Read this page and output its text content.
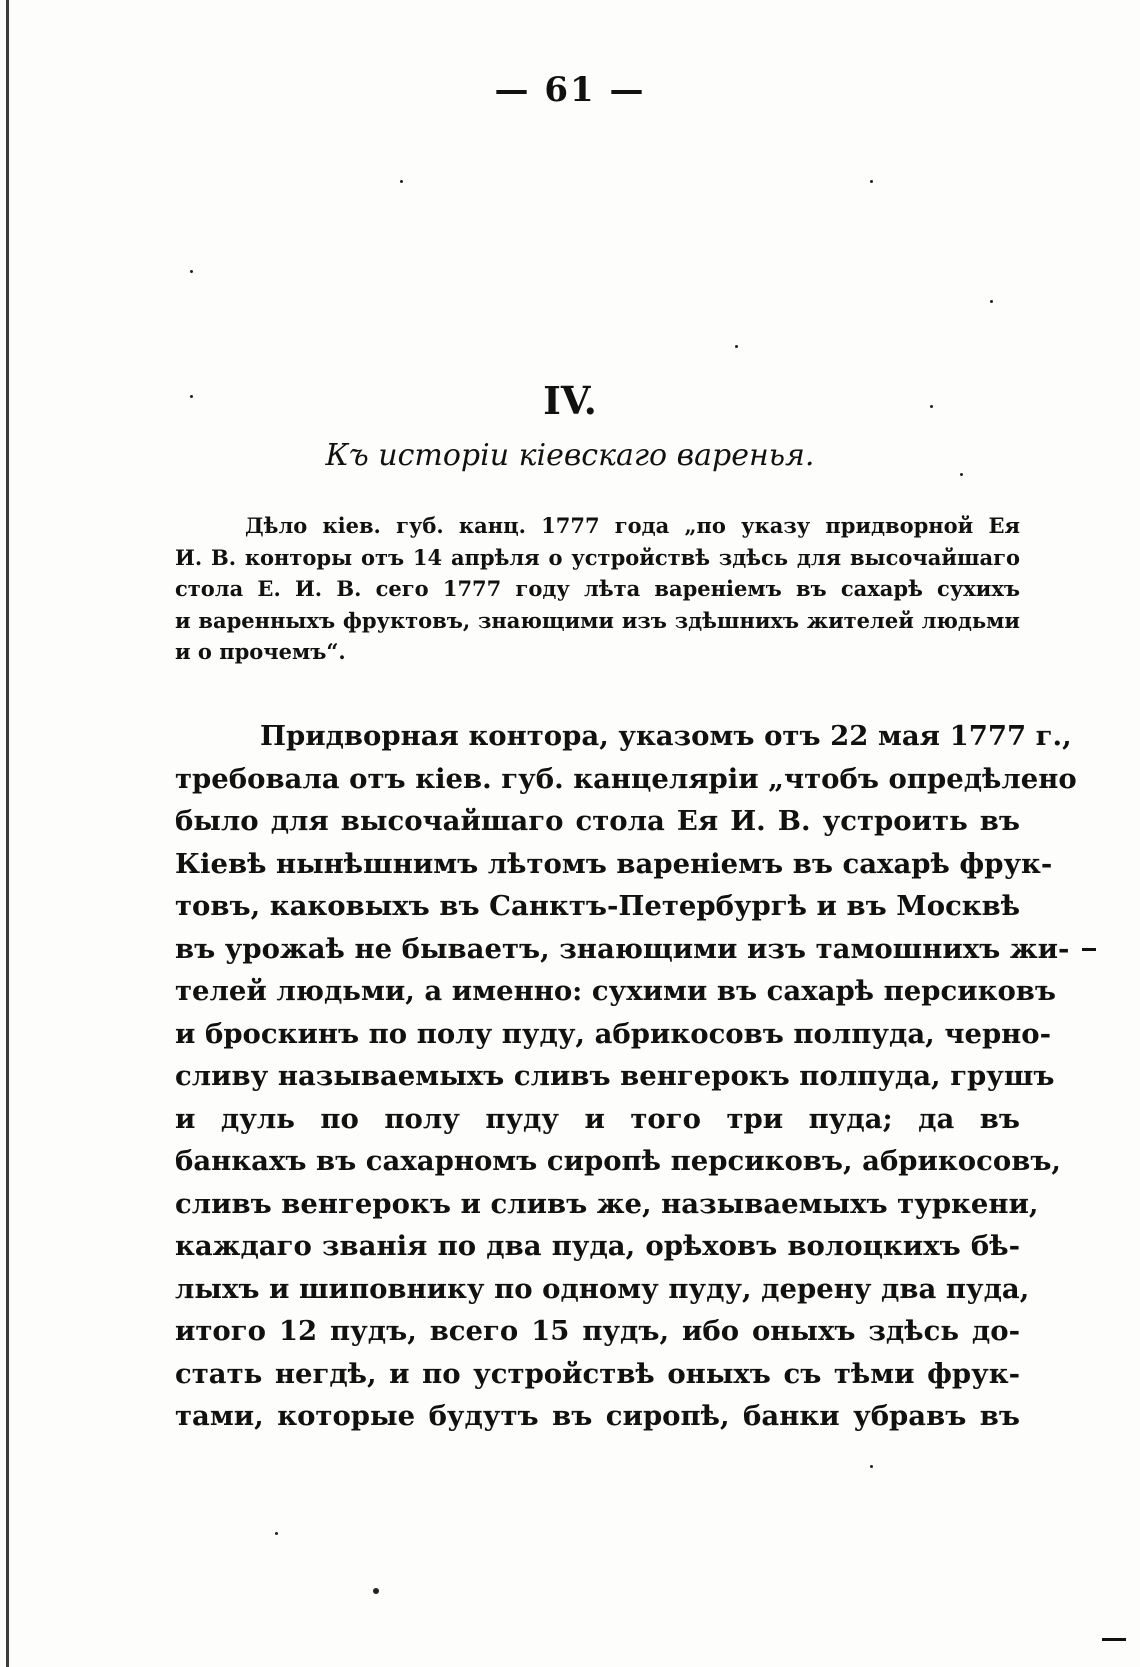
— 61 —
IV.
Къ исторіи кіевскаго варенья.
Дѣло кіев. губ. канц. 1777 года „по указу придворной Ея
И. В. конторы отъ 14 апрѣля о устройствѣ здѣсь для высочайшаго
стола Е. И. В. сего 1777 году лѣта вареніемъ въ сахарѣ сухихъ
и варенныхъ фруктовъ, знающими изъ здѣшнихъ жителей людьми
и о прочемъ“.
Придворная контора, указомъ отъ 22 мая 1777 г.,
требовала отъ кіев. губ. канцеляріи „чтобъ опредѣлено
было для высочайшаго стола Ея И. В. устроить въ
Кіевѣ нынѣшнимъ лѣтомъ вареніемъ въ сахарѣ фрук-
товъ, каковыхъ въ Санктъ-Петербургѣ и въ Москвѣ
въ урожаѣ не бываетъ, знающими изъ тамошнихъ жи-
телей людьми, а именно: сухими въ сахарѣ персиковъ
и броскинъ по полу пуду, абрикосовъ полпуда, черно-
сливу называемыхъ сливъ венгерокъ полпуда, грушъ
и дуль по полу пуду и того три пуда; да въ
банкахъ въ сахарномъ сиропѣ персиковъ, абрикосовъ,
сливъ венгерокъ и сливъ же, называемыхъ туркени,
каждаго званія по два пуда, орѣховъ волоцкихъ бѣ-
лыхъ и шиповнику по одному пуду, дерену два пуда,
итого 12 пудъ, всего 15 пудъ, ибо оныхъ здѣсь до-
стать негдѣ, и по устройствѣ оныхъ съ тѣми фрук-
тами, которые будутъ въ сиропѣ, банки убравъ въ
